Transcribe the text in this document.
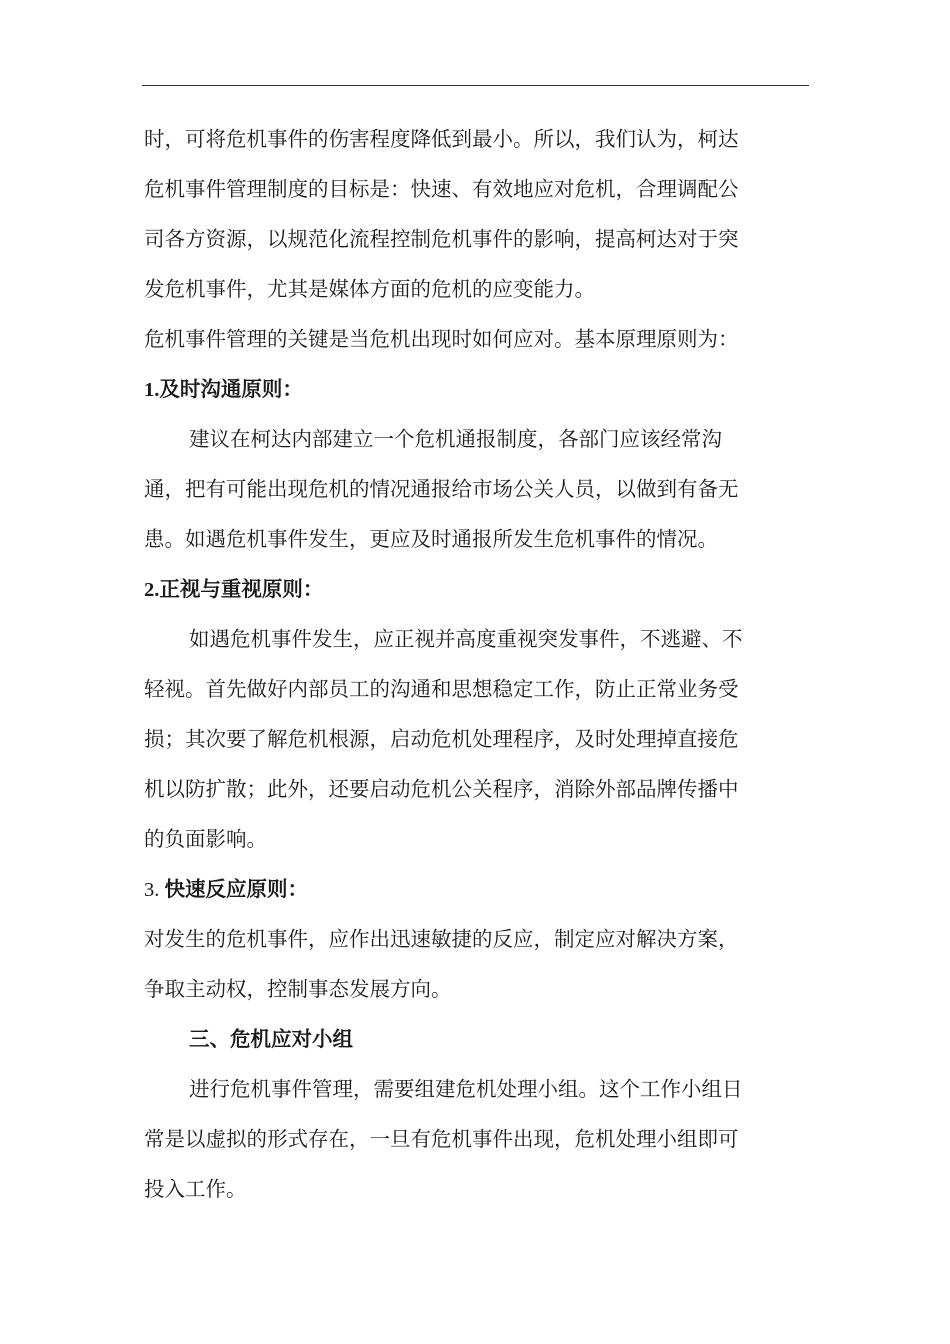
时，可将危机事件的伤害程度降低到最小。所以，我们认为，柯达
危机事件管理制度的目标是：快速、有效地应对危机，合理调配公
司各方资源，以规范化流程控制危机事件的影响，提高柯达对于突
发危机事件，尤其是媒体方面的危机的应变能力。
危机事件管理的关键是当危机出现时如何应对。基本原理原则为：
1.及时沟通原则：
建议在柯达内部建立一个危机通报制度，各部门应该经常沟
通，把有可能出现危机的情况通报给市场公关人员，以做到有备无
患。如遇危机事件发生，更应及时通报所发生危机事件的情况。
2.正视与重视原则：
如遇危机事件发生，应正视并高度重视突发事件，不逃避、不
轻视。首先做好内部员工的沟通和思想稳定工作，防止正常业务受
损；其次要了解危机根源，启动危机处理程序，及时处理掉直接危
机以防扩散；此外，还要启动危机公关程序，消除外部品牌传播中
的负面影响。
3. 快速反应原则：
对发生的危机事件，应作出迅速敏捷的反应，制定应对解决方案，
争取主动权，控制事态发展方向。
三、危机应对小组
进行危机事件管理，需要组建危机处理小组。这个工作小组日
常是以虚拟的形式存在，一旦有危机事件出现，危机处理小组即可
投入工作。
